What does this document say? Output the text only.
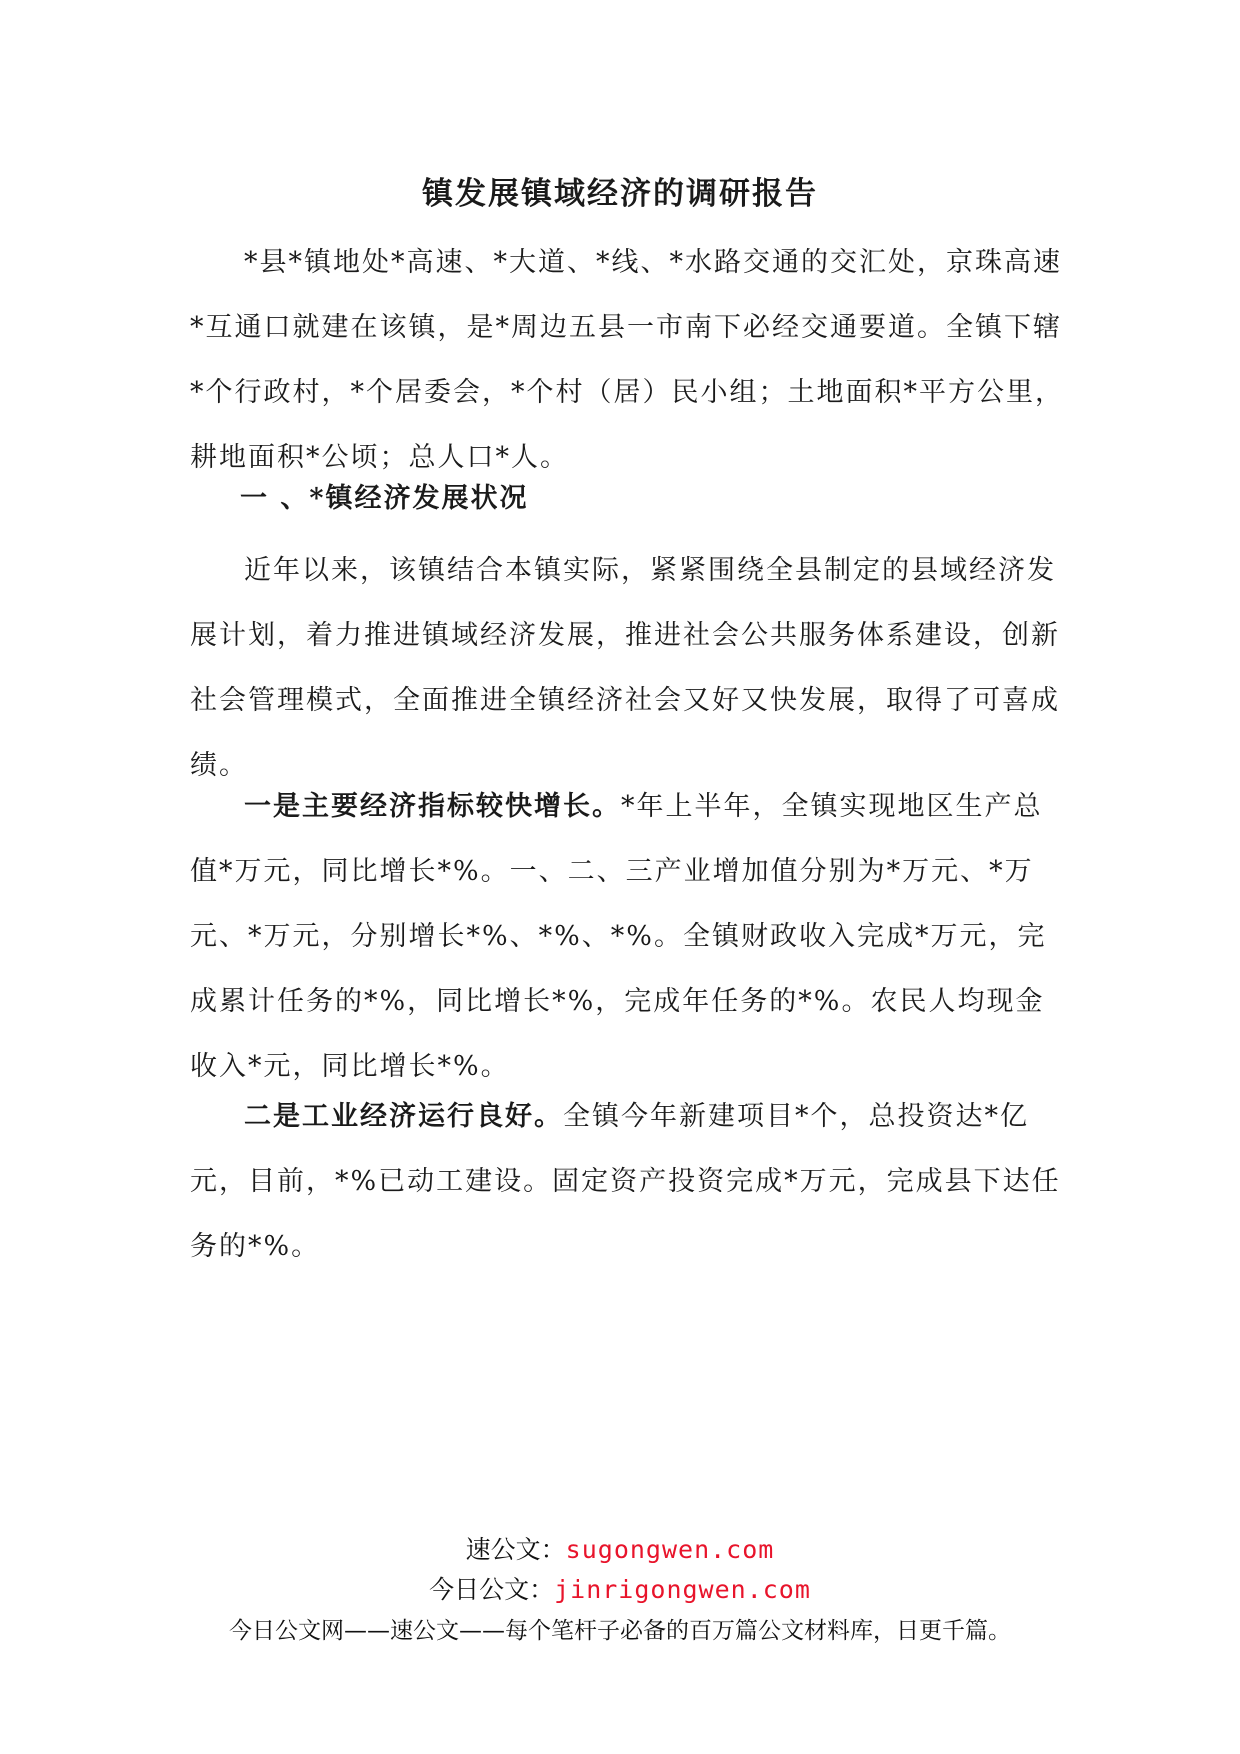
镇发展镇域经济的调研报告

*县*镇地处*高速、*大道、*线、*水路交通的交汇处，京珠高速*互通口就建在该镇，是*周边五县一市南下必经交通要道。全镇下辖*个行政村，*个居委会，*个村（居）民小组；土地面积*平方公里，耕地面积*公顷；总人口*人。

一 、*镇经济发展状况

近年以来，该镇结合本镇实际，紧紧围绕全县制定的县域经济发展计划，着力推进镇域经济发展，推进社会公共服务体系建设，创新社会管理模式，全面推进全镇经济社会又好又快发展，取得了可喜成绩。

一是主要经济指标较快增长。*年上半年，全镇实现地区生产总值*万元，同比增长*%。一、二、三产业增加值分别为*万元、*万元、*万元，分别增长*%、*%、*%。全镇财政收入完成*万元，完成累计任务的*%，同比增长*%，完成年任务的*%。农民人均现金收入*元，同比增长*%。

二是工业经济运行良好。全镇今年新建项目*个，总投资达*亿元，目前，*%已动工建设。固定资产投资完成*万元，完成县下达任务的*%。

速公文：sugongwen.com
今日公文：jinrigongwen.com
今日公文网——速公文——每个笔杆子必备的百万篇公文材料库，日更千篇。
